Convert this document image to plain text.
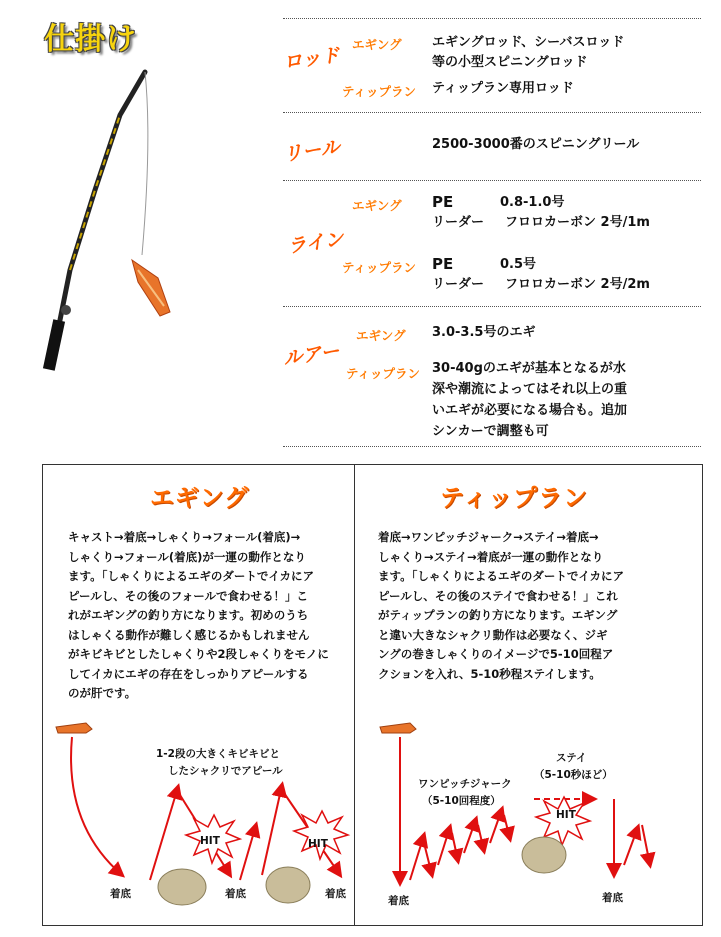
仕掛け
ロッド エギング エギングロッド、シーバスロッド
等の小型スピニングロッド
ティップラン ティップラン専用ロッド
リール	2500-3000番のスピニングリール
ライン
エギング PE	0.8-1.0号
リーダー フロロカーボン 2号/1m
ティップラン PE	0.5号
リーダー フロロカーボン 2号/2m
ルアー
エギング 3.0-3.5号のエギ
ティップラン 30-40gのエギが基本となるが水
深や潮流によってはそれ以上の重
いエギが必要になる場合も。追加
シンカーで調整も可
エギング
キャスト→着底→しゃくり→フォール(着底)→
しゃくり→フォール(着底)が一運の動作となり
ます。「しゃくりによるエギのダートでイカにア
ピールし、その後のフォールで食わせる！」こ
れがエギングの釣り方になります。初めのうち
はしゃくる動作が難しく感じるかもしれません
がキビキビとしたしゃくりや2段しゃくりをモノに
してイカにエギの存在をしっかりアピールする
のが肝です。
1-2段の大きくキビキビと
したシャクリでアピール
HIT	HIT
着底	着底	着底
ティップラン
着底→ワンピッチジャーク→ステイ→着底→
しゃくり→ステイ→着底が一運の動作となり
ます。「しゃくりによるエギのダートでイカにア
ピールし、その後のステイで食わせる！」これ
がティップランの釣り方になります。エギング
と違い大きなシャクリ動作は必要なく、ジギ
ングの巻きしゃくりのイメージで5-10回程ア
クションを入れ、5-10秒程ステイします。
ワンピッチジャーク
（5-10回程度）
ステイ
（5-10秒ほど）
HIT
着底	着底
